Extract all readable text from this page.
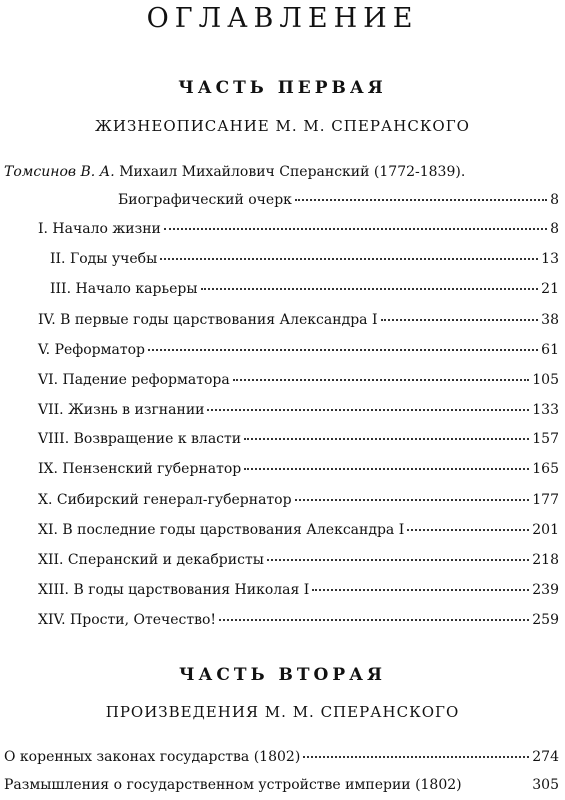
ОГЛАВЛЕНИЕ
ЧАСТЬ ПЕРВАЯ
ЖИЗНЕОПИСАНИЕ М. М. СПЕРАНСКОГО
Томсинов В. А. Михаил Михайлович Сперанский (1772-1839).
Биографический очерк	8
I. Начало жизни	8
II. Годы учебы	13
III. Начало карьеры	21
IV. В первые годы царствования Александра I	38
V. Реформатор	61
VI. Падение реформатора	105
VII. Жизнь в изгнании	133
VIII. Возвращение к власти	157
IX. Пензенский губернатор	165
X. Сибирский генерал-губернатор	177
XI. В последние годы царствования Александра I	201
XII. Сперанский и декабристы	218
XIII. В годы царствования Николая I	239
XIV. Прости, Отечество!	259
ЧАСТЬ ВТОРАЯ
ПРОИЗВЕДЕНИЯ М. М. СПЕРАНСКОГО
О коренных законах государства (1802)	274
Размышления о государственном устройстве империи (1802)	305
